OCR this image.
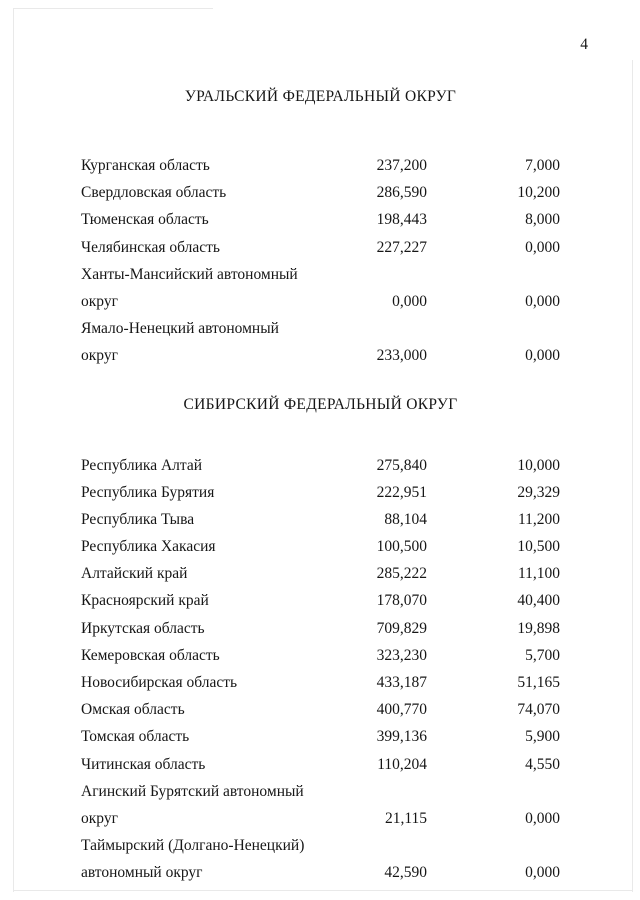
4
УРАЛЬСКИЙ ФЕДЕРАЛЬНЫЙ ОКРУГ
Курганская область	237,200	7,000
Свердловская область	286,590	10,200
Тюменская область	198,443	8,000
Челябинская область	227,227	0,000
Ханты-Мансийский автономный
округ	0,000	0,000
Ямало-Ненецкий автономный
округ	233,000	0,000
СИБИРСКИЙ ФЕДЕРАЛЬНЫЙ ОКРУГ
Республика Алтай	275,840	10,000
Республика Бурятия	222,951	29,329
Республика Тыва	88,104	11,200
Республика Хакасия	100,500	10,500
Алтайский край	285,222	11,100
Красноярский край	178,070	40,400
Иркутская область	709,829	19,898
Кемеровская область	323,230	5,700
Новосибирская область	433,187	51,165
Омская область	400,770	74,070
Томская область	399,136	5,900
Читинская область	110,204	4,550
Агинский Бурятский автономный
округ	21,115	0,000
Таймырский (Долгано-Ненецкий)
автономный округ	42,590	0,000
